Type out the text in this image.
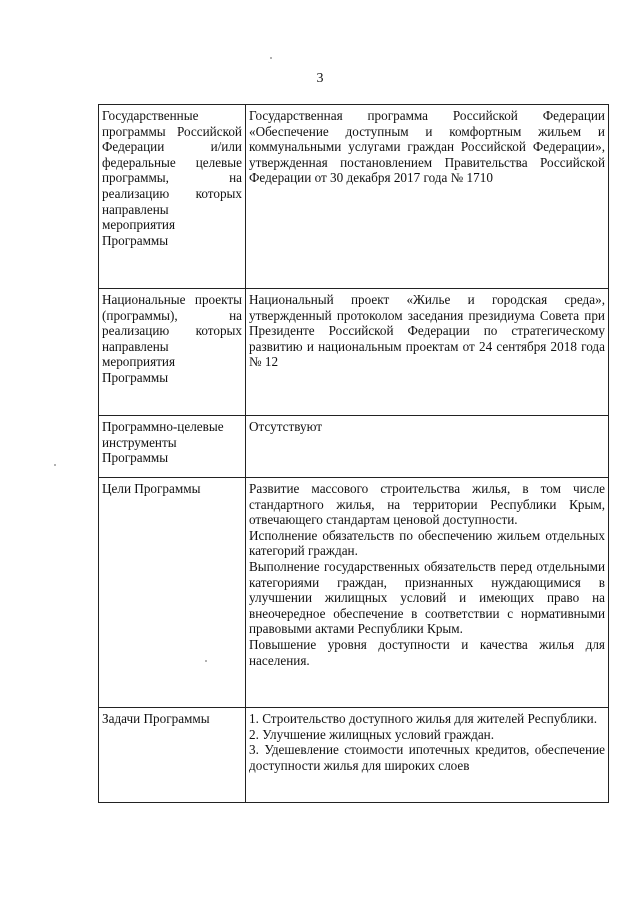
3
Государственные программы Российской Федерации и/или федеральные целевые программы, на реализацию которых направлены мероприятия Программы	Государственная программа Российской Федерации «Обеспечение доступным и комфортным жильем и коммунальными услугами граждан Российской Федерации», утвержденная постановлением Правительства Российской Федерации от 30 декабря 2017 года № 1710

Национальные проекты (программы), на реализацию которых направлены мероприятия Программы	Национальный проект «Жилье и городская среда», утвержденный протоколом заседания президиума Совета при Президенте Российской Федерации по стратегическому развитию и национальным проектам от 24 сентября 2018 года № 12

Программно-целевые инструменты Программы	Отсутствуют

Цели Программы	Развитие массового строительства жилья, в том числе стандартного жилья, на территории Республики Крым, отвечающего стандартам ценовой доступности.

Исполнение обязательств по обеспечению жильем отдельных категорий граждан.

Выполнение государственных обязательств перед отдельными категориями граждан, признанных нуждающимися в улучшении жилищных условий и имеющих право на внеочередное обеспечение в соответствии с нормативными правовыми актами Республики Крым.

Повышение уровня доступности и качества жилья для населения.

Задачи Программы	1. Строительство доступного жилья для жителей Республики.

2. Улучшение жилищных условий граждан.

3. Удешевление стоимости ипотечных кредитов, обеспечение доступности жилья для широких слоев
